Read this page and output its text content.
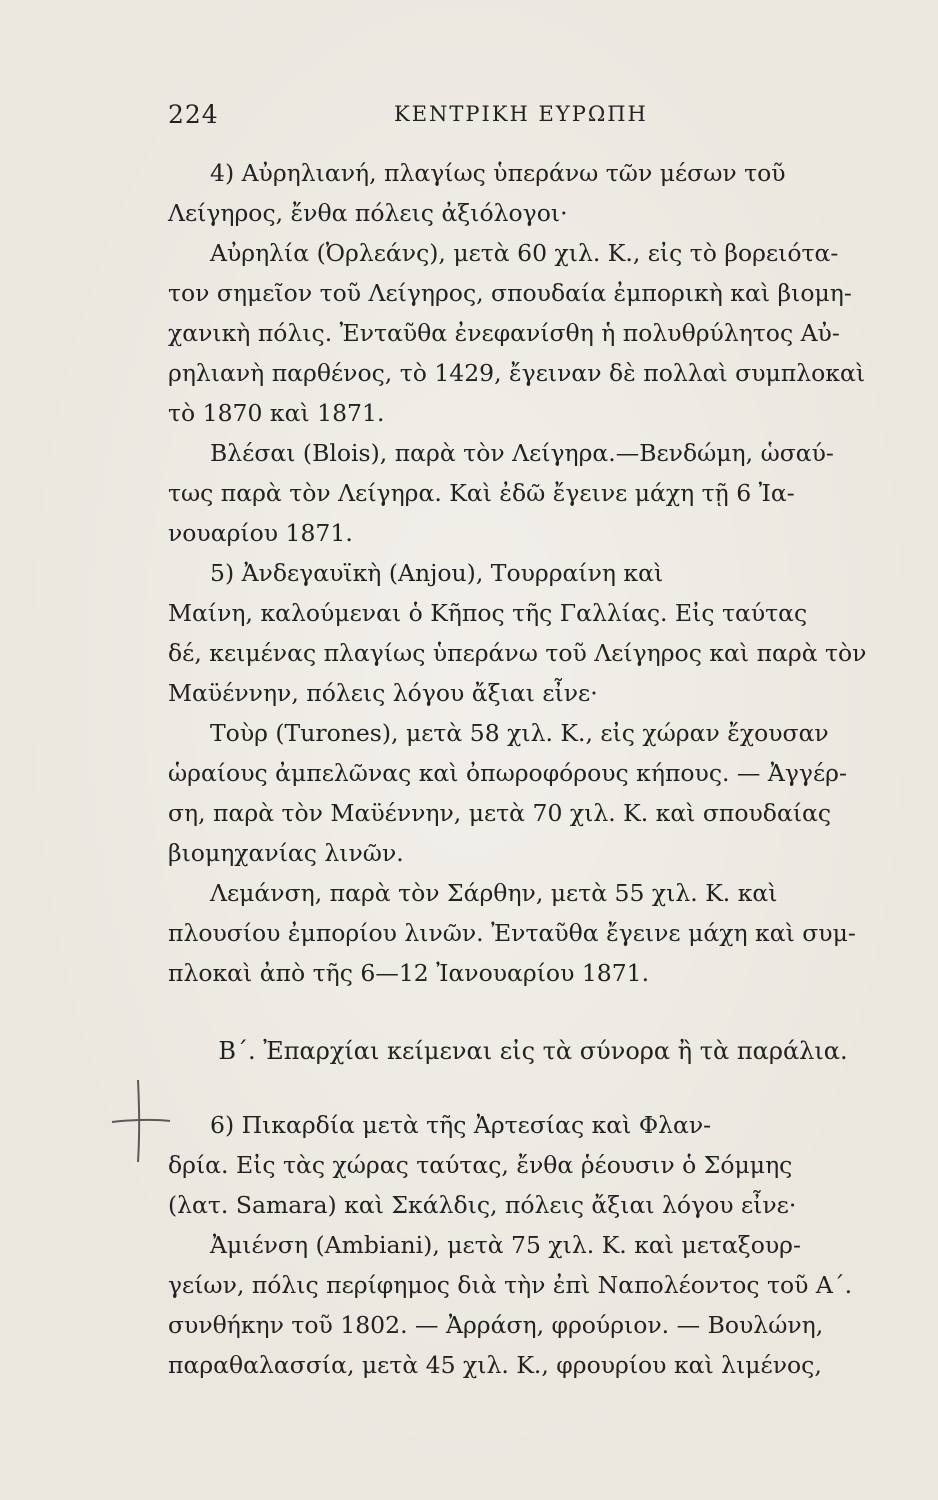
224	ΚΕΝΤΡΙΚΗ ΕΥΡΩΠΗ
4) Αὐρηλιανή, πλαγίως ὑπεράνω τῶν μέσων τοῦ
Λείγηρος, ἔνθα πόλεις ἀξιόλογοι·
Αὐρηλία (Ὀρλεάνς), μετὰ 60 χιλ. Κ., εἰς τὸ βορειότα-
τον σημεῖον τοῦ Λείγηρος, σπουδαία ἐμπορικὴ καὶ βιομη-
χανικὴ πόλις. Ἐνταῦθα ἐνεφανίσθη ἡ πολυθρύλητος Αὐ-
ρηλιανὴ παρθένος, τὸ 1429, ἔγειναν δὲ πολλαὶ συμπλοκαὶ
τὸ 1870 καὶ 1871.
Βλέσαι (Blois), παρὰ τὸν Λείγηρα.—Βενδώμη, ὡσαύ-
τως παρὰ τὸν Λείγηρα. Καὶ ἐδῶ ἔγεινε μάχη τῇ 6 Ἰα-
νουαρίου 1871.
5) Ἀνδεγαυϊκὴ (Anjou), Τουρραίνη καὶ
Μαίνη, καλούμεναι ὁ Κῆπος τῆς Γαλλίας. Εἰς ταύτας
δέ, κειμένας πλαγίως ὑπεράνω τοῦ Λείγηρος καὶ παρὰ τὸν
Μαϋέννην, πόλεις λόγου ἄξιαι εἶνε·
Τοὺρ (Turones), μετὰ 58 χιλ. Κ., εἰς χώραν ἔχουσαν
ὡραίους ἀμπελῶνας καὶ ὀπωροφόρους κήπους. — Ἀγγέρ-
ση, παρὰ τὸν Μαϋέννην, μετὰ 70 χιλ. Κ. καὶ σπουδαίας
βιομηχανίας λινῶν.
Λεμάνση, παρὰ τὸν Σάρθην, μετὰ 55 χιλ. Κ. καὶ
πλουσίου ἐμπορίου λινῶν. Ἐνταῦθα ἔγεινε μάχη καὶ συμ-
πλοκαὶ ἀπὸ τῆς 6—12 Ἰανουαρίου 1871.
Β΄. Ἐπαρχίαι κείμεναι εἰς τὰ σύνορα ἢ τὰ παράλια.
6) Πικαρδία μετὰ τῆς Ἀρτεσίας καὶ Φλαν-
δρία. Εἰς τὰς χώρας ταύτας, ἔνθα ῥέουσιν ὁ Σόμμης
(λατ. Samara) καὶ Σκάλδις, πόλεις ἄξιαι λόγου εἶνε·
Ἀμιένση (Ambiani), μετὰ 75 χιλ. Κ. καὶ μεταξουρ-
γείων, πόλις περίφημος διὰ τὴν ἐπὶ Ναπολέοντος τοῦ Α΄.
συνθήκην τοῦ 1802. — Ἀρράση, φρούριον. — Βουλώνη,
παραθαλασσία, μετὰ 45 χιλ. Κ., φρουρίου καὶ λιμένος,
